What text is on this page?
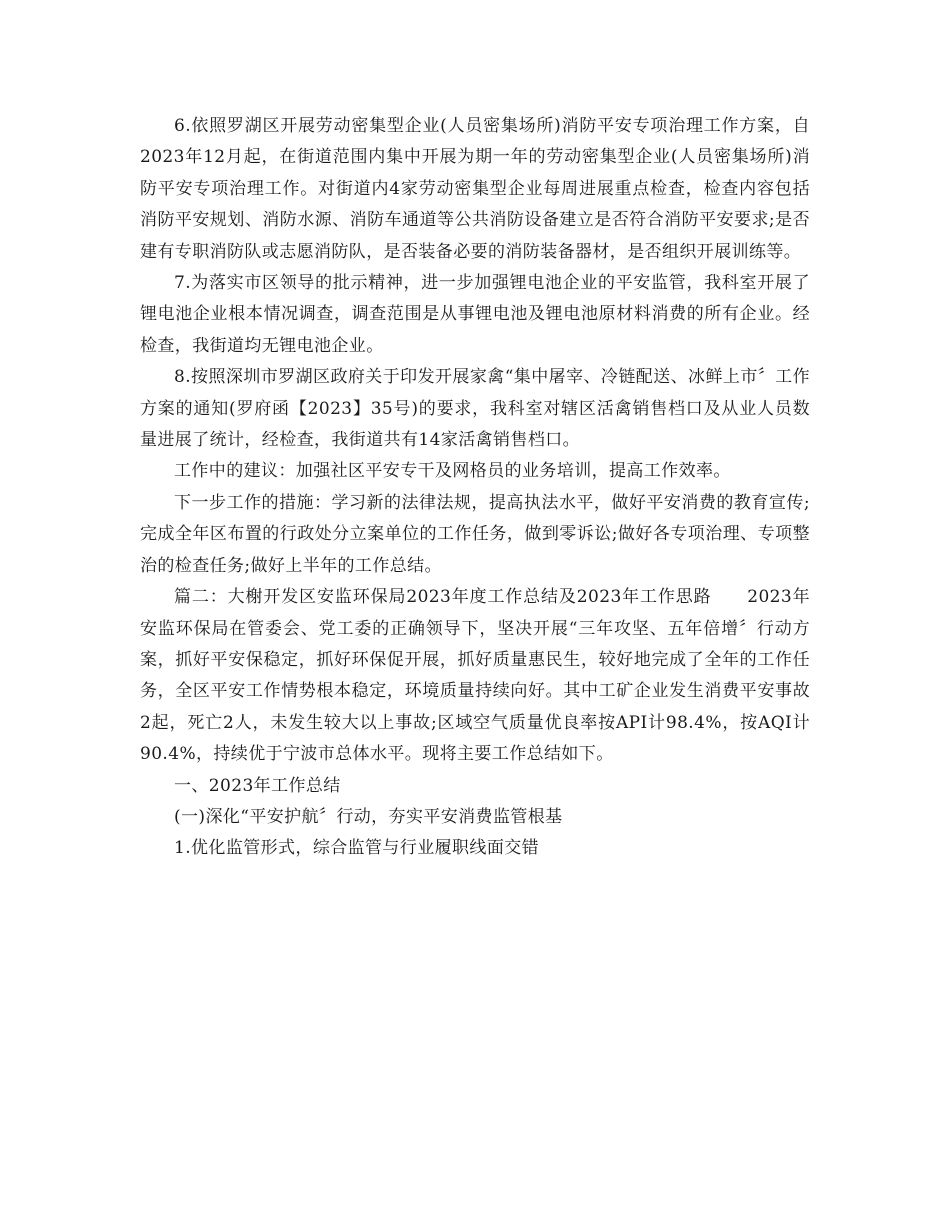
6.依照罗湖区开展劳动密集型企业(人员密集场所)消防平安专项治理工作方案，自2023年12月起，在街道范围内集中开展为期一年的劳动密集型企业(人员密集场所)消防平安专项治理工作。对街道内4家劳动密集型企业每周进展重点检查，检查内容包括消防平安规划、消防水源、消防车通道等公共消防设备建立是否符合消防平安要求;是否建有专职消防队或志愿消防队，是否装备必要的消防装备器材，是否组织开展训练等。

7.为落实市区领导的批示精神，进一步加强锂电池企业的平安监管，我科室开展了锂电池企业根本情况调查，调查范围是从事锂电池及锂电池原材料消费的所有企业。经检查，我街道均无锂电池企业。

8.按照深圳市罗湖区政府关于印发开展家禽“集中屠宰、冷链配送、冰鲜上市〞工作方案的通知(罗府函【2023】35号)的要求，我科室对辖区活禽销售档口及从业人员数量进展了统计，经检查，我街道共有14家活禽销售档口。

工作中的建议：加强社区平安专干及网格员的业务培训，提高工作效率。

下一步工作的措施：学习新的法律法规，提高执法水平，做好平安消费的教育宣传;完成全年区布置的行政处分立案单位的工作任务，做到零诉讼;做好各专项治理、专项整治的检查任务;做好上半年的工作总结。

篇二：大榭开发区安监环保局2023年度工作总结及2023年工作思路　　2023年安监环保局在管委会、党工委的正确领导下，坚决开展“三年攻坚、五年倍增〞行动方案，抓好平安保稳定，抓好环保促开展，抓好质量惠民生，较好地完成了全年的工作任务，全区平安工作情势根本稳定，环境质量持续向好。其中工矿企业发生消费平安事故2起，死亡2人，未发生较大以上事故;区域空气质量优良率按API计98.4%，按AQI计90.4%，持续优于宁波市总体水平。现将主要工作总结如下。

一、2023年工作总结

(一)深化“平安护航〞行动，夯实平安消费监管根基

1.优化监管形式，综合监管与行业履职线面交错
